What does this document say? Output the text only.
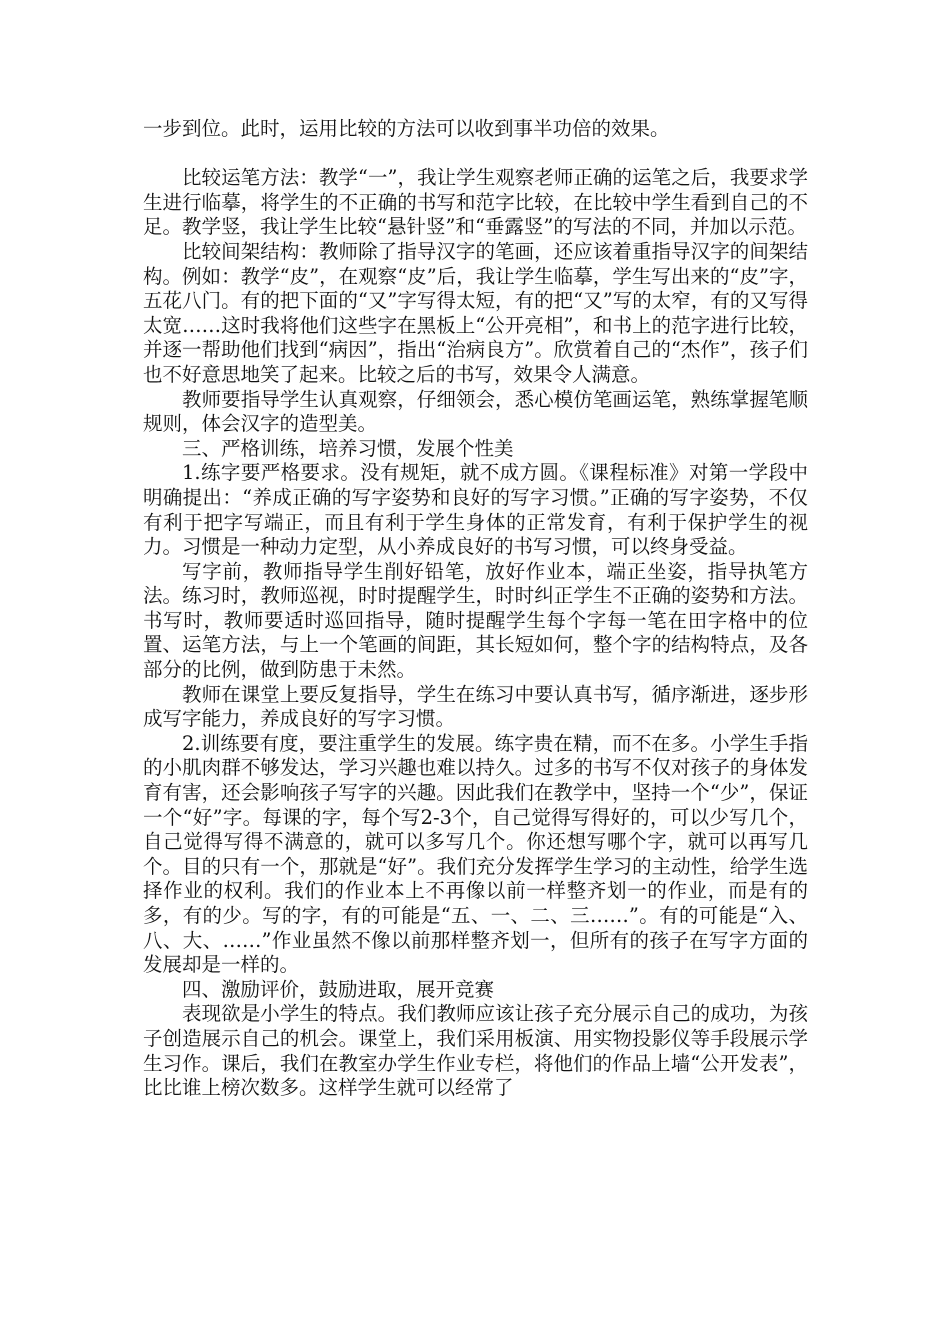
一步到位。此时，运用比较的方法可以收到事半功倍的效果。

比较运笔方法：教学“一”，我让学生观察老师正确的运笔之后，我要求学生进行临摹，将学生的不正确的书写和范字比较，在比较中学生看到自己的不足。教学竖，我让学生比较“悬针竖”和“垂露竖”的写法的不同，并加以示范。

比较间架结构：教师除了指导汉字的笔画，还应该着重指导汉字的间架结构。例如：教学“皮”，在观察“皮”后，我让学生临摹，学生写出来的“皮”字，五花八门。有的把下面的“又”字写得太短，有的把“又”写的太窄，有的又写得太宽……这时我将他们这些字在黑板上“公开亮相”，和书上的范字进行比较，并逐一帮助他们找到“病因”，指出“治病良方”。欣赏着自己的“杰作”，孩子们也不好意思地笑了起来。比较之后的书写，效果令人满意。

教师要指导学生认真观察，仔细领会，悉心模仿笔画运笔，熟练掌握笔顺规则，体会汉字的造型美。

三、严格训练，培养习惯，发展个性美

1.练字要严格要求。没有规矩，就不成方圆。《课程标准》对第一学段中明确提出：“养成正确的写字姿势和良好的写字习惯。”正确的写字姿势，不仅有利于把字写端正，而且有利于学生身体的正常发育，有利于保护学生的视力。习惯是一种动力定型，从小养成良好的书写习惯，可以终身受益。

写字前，教师指导学生削好铅笔，放好作业本，端正坐姿，指导执笔方法。练习时，教师巡视，时时提醒学生，时时纠正学生不正确的姿势和方法。书写时，教师要适时巡回指导，随时提醒学生每个字每一笔在田字格中的位置、运笔方法，与上一个笔画的间距，其长短如何，整个字的结构特点，及各部分的比例，做到防患于未然。

教师在课堂上要反复指导，学生在练习中要认真书写，循序渐进，逐步形成写字能力，养成良好的写字习惯。

2.训练要有度，要注重学生的发展。练字贵在精，而不在多。小学生手指的小肌肉群不够发达，学习兴趣也难以持久。过多的书写不仅对孩子的身体发育有害，还会影响孩子写字的兴趣。因此我们在教学中，坚持一个“少”，保证一个“好”字。每课的字，每个写2-3个，自己觉得写得好的，可以少写几个，自己觉得写得不满意的，就可以多写几个。你还想写哪个字，就可以再写几个。目的只有一个，那就是“好”。我们充分发挥学生学习的主动性，给学生选择作业的权利。我们的作业本上不再像以前一样整齐划一的作业，而是有的多，有的少。写的字，有的可能是“五、一、二、三……”。有的可能是“入、八、大、……”作业虽然不像以前那样整齐划一，但所有的孩子在写字方面的发展却是一样的。

四、激励评价，鼓励进取，展开竞赛

表现欲是小学生的特点。我们教师应该让孩子充分展示自己的成功，为孩子创造展示自己的机会。课堂上，我们采用板演、用实物投影仪等手段展示学生习作。课后，我们在教室办学生作业专栏，将他们的作品上墙“公开发表”，比比谁上榜次数多。这样学生就可以经常了
